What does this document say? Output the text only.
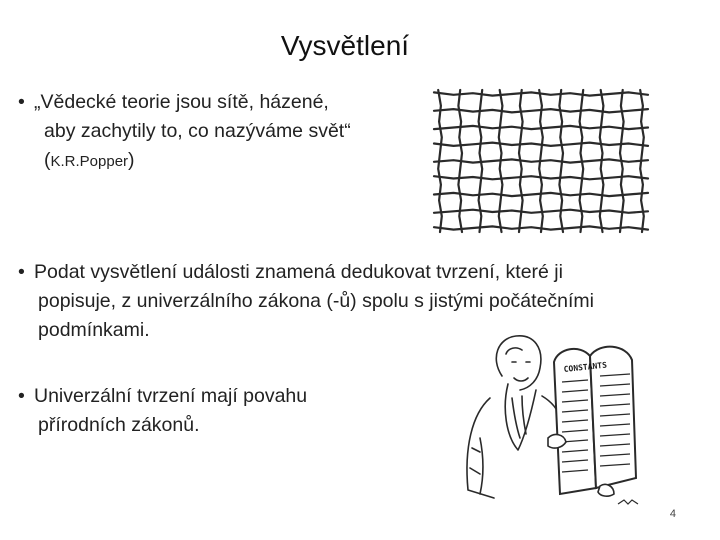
Vysvětlení
• „Vědecké teorie jsou sítě, házené,
aby zachytily to, co nazýváme svět“
(K.R.Popper)
• Podat vysvětlení události znamená dedukovat tvrzení, které ji
popisuje, z univerzálního zákona (-ů) spolu s jistými počátečními
podmínkami.
• Univerzální tvrzení mají povahu
přírodních zákonů.
CONSTANTS
4
